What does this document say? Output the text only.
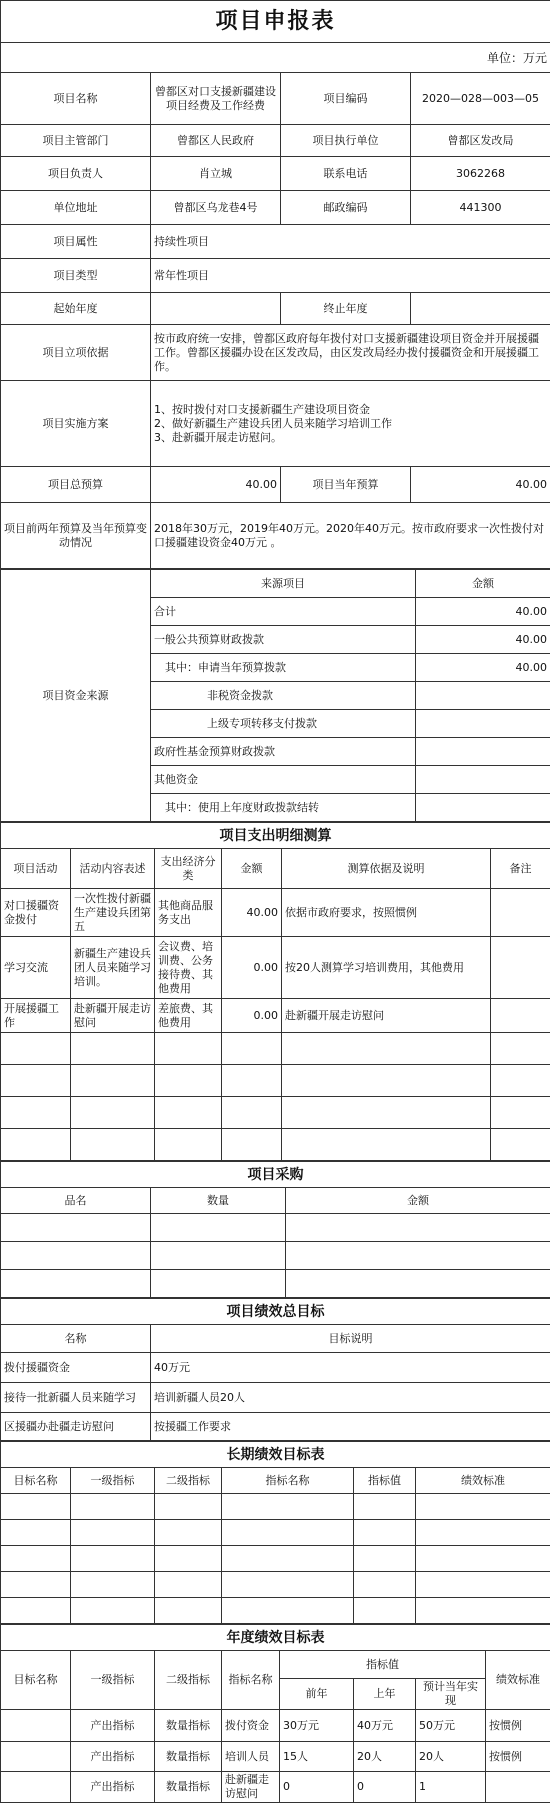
项目申报表			
单位：万元			
项目名称	曾都区对口支援新疆建设项目经费及工作经费	项目编码	2020—028—003—05
项目主管部门	曾都区人民政府	项目执行单位	曾都区发改局
项目负责人	肖立城	联系电话	3062268
单位地址	曾都区乌龙巷4号	邮政编码	441300
项目属性	持续性项目		
项目类型	常年性项目		
起始年度		终止年度	
项目立项依据	按市政府统一安排，曾都区政府每年拨付对口支援新疆建设项目资金并开展援疆工作。曾都区援疆办设在区发改局，由区发改局经办拨付援疆资金和开展援疆工作。		
项目实施方案	1、按时拨付对口支援新疆生产建设项目资金
2、做好新疆生产建设兵团人员来随学习培训工作
3、赴新疆开展走访慰问。		

项目总预算	40.00	项目当年预算	40.00
项目前两年预算及当年预算变动情况	2018年30万元，2019年40万元。2020年40万元。按市政府要求一次性拨付对口援疆建设资金40万元 。		
项目资金来源	来源项目	金额
	合计	40.00
	一般公共预算财政拨款	40.00
	其中：申请当年预算拨款	40.00
	非税资金拨款	
	上级专项转移支付拨款	
	政府性基金预算财政拨款	
	其他资金	
	其中：使用上年度财政拨款结转	
项目支出明细测算					
项目活动	活动内容表述	支出经济分类	金额	测算依据及说明	备注
对口援疆资金拨付	一次性拨付新疆生产建设兵团第五	其他商品服务支出	40.00	依据市政府要求，按照惯例	
学习交流	新疆生产建设兵团人员来随学习培训。	会议费、培训费、公务接待费、其他费用	0.00	按20人测算学习培训费用，其他费用	
开展援疆工作	赴新疆开展走访慰问	差旅费、其他费用	0.00	赴新疆开展走访慰问	

项目采购		
品名	数量	金额

项目绩效总目标	
名称	目标说明
拨付援疆资金	40万元
接待一批新疆人员来随学习	培训新疆人员20人
区援疆办赴疆走访慰问	按援疆工作要求
长期绩效目标表					
目标名称	一级指标	二级指标	指标名称	指标值	绩效标准

年度绩效目标表							
目标名称	一级指标	二级指标	指标名称	指标值			绩效标准
				前年	上年	预计当年实现	
	产出指标	数量指标	拨付资金	30万元	40万元	50万元	按惯例
	产出指标	数量指标	培训人员	15人	20人	20人	按惯例
	产出指标	数量指标	赴新疆走访慰问	0	0	1	
